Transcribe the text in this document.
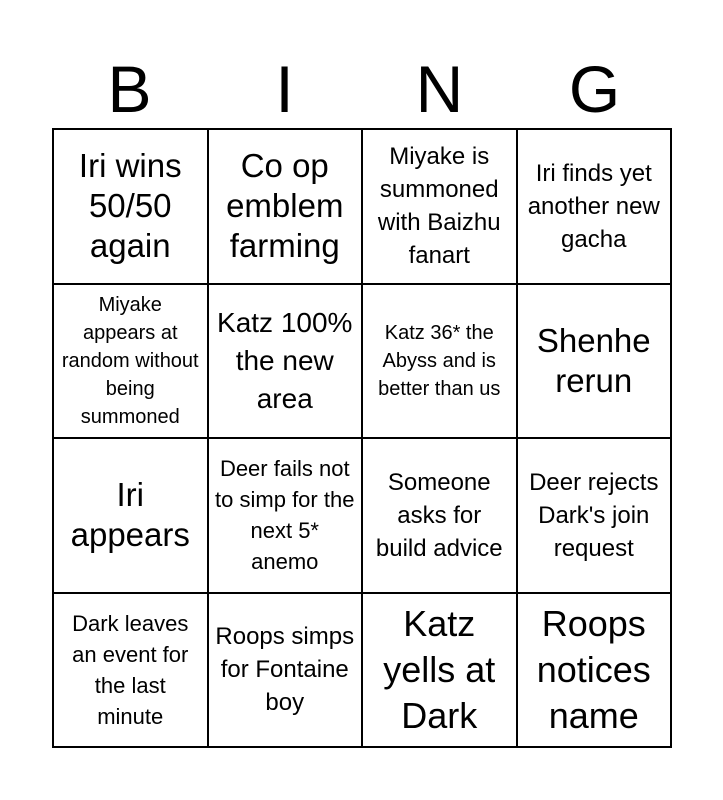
B	I	N	G
Iri wins 50/50 again
Co op emblem farming
Miyake is summoned with Baizhu fanart
Iri finds yet another new gacha
Miyake appears at random without being summoned
Katz 100% the new area
Katz 36* the Abyss and is better than us
Shenhe rerun
Iri appears
Deer fails not to simp for the next 5* anemo
Someone asks for build advice
Deer rejects Dark's join request
Dark leaves an event for the last minute
Roops simps for Fontaine boy
Katz yells at Dark
Roops notices name
